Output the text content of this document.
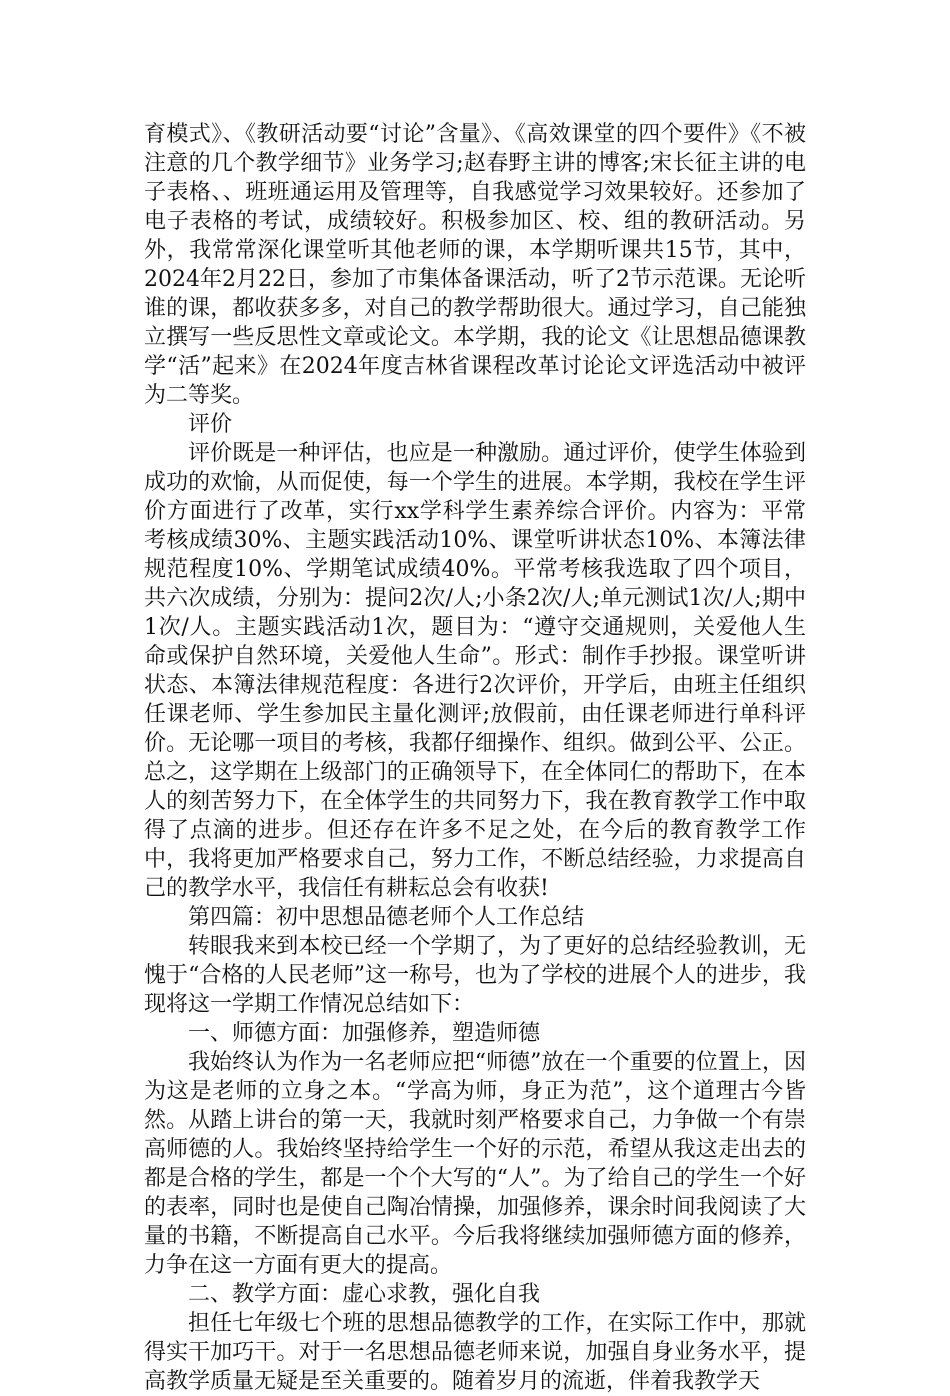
育模式》、《教研活动要“讨论”含量》、《高效课堂的四个要件》《不被注意的几个教学细节》业务学习;赵春野主讲的博客;宋长征主讲的电子表格、、班班通运用及管理等，自我感觉学习效果较好。还参加了电子表格的考试，成绩较好。积极参加区、校、组的教研活动。另外，我常常深化课堂听其他老师的课，本学期听课共15节，其中，2024年2月22日，参加了市集体备课活动，听了2节示范课。无论听谁的课，都收获多多，对自己的教学帮助很大。通过学习，自己能独立撰写一些反思性文章或论文。本学期，我的论文《让思想品德课教学“活”起来》在2024年度吉林省课程改革讨论论文评选活动中被评为二等奖。

评价

评价既是一种评估，也应是一种激励。通过评价，使学生体验到成功的欢愉，从而促使，每一个学生的进展。本学期，我校在学生评价方面进行了改革，实行xx学科学生素养综合评价。内容为：平常考核成绩30%、主题实践活动10%、课堂听讲状态10%、本簿法律规范程度10%、学期笔试成绩40%。平常考核我选取了四个项目，共六次成绩，分别为：提问2次/人;小条2次/人;单元测试1次/人;期中1次/人。主题实践活动1次，题目为：“遵守交通规则，关爱他人生命或保护自然环境，关爱他人生命”。形式：制作手抄报。课堂听讲状态、本簿法律规范程度：各进行2次评价，开学后，由班主任组织任课老师、学生参加民主量化测评;放假前，由任课老师进行单科评价。无论哪一项目的考核，我都仔细操作、组织。做到公平、公正。总之，这学期在上级部门的正确领导下，在全体同仁的帮助下，在本人的刻苦努力下，在全体学生的共同努力下，我在教育教学工作中取得了点滴的进步。但还存在许多不足之处，在今后的教育教学工作中，我将更加严格要求自己，努力工作，不断总结经验，力求提高自己的教学水平，我信任有耕耘总会有收获!

第四篇：初中思想品德老师个人工作总结

转眼我来到本校已经一个学期了，为了更好的总结经验教训，无愧于“合格的人民老师”这一称号，也为了学校的进展个人的进步，我现将这一学期工作情况总结如下：

一、师德方面：加强修养，塑造师德

我始终认为作为一名老师应把“师德”放在一个重要的位置上，因为这是老师的立身之本。“学高为师，身正为范”，这个道理古今皆然。从踏上讲台的第一天，我就时刻严格要求自己，力争做一个有崇高师德的人。我始终坚持给学生一个好的示范，希望从我这走出去的都是合格的学生，都是一个个大写的“人”。为了给自己的学生一个好的表率，同时也是使自己陶冶情操，加强修养，课余时间我阅读了大量的书籍，不断提高自己水平。今后我将继续加强师德方面的修养，力争在这一方面有更大的提高。

二、教学方面：虚心求教，强化自我

担任七年级七个班的思想品德教学的工作，在实际工作中，那就得实干加巧干。对于一名思想品德老师来说，加强自身业务水平，提高教学质量无疑是至关重要的。随着岁月的流逝，伴着我教学天
